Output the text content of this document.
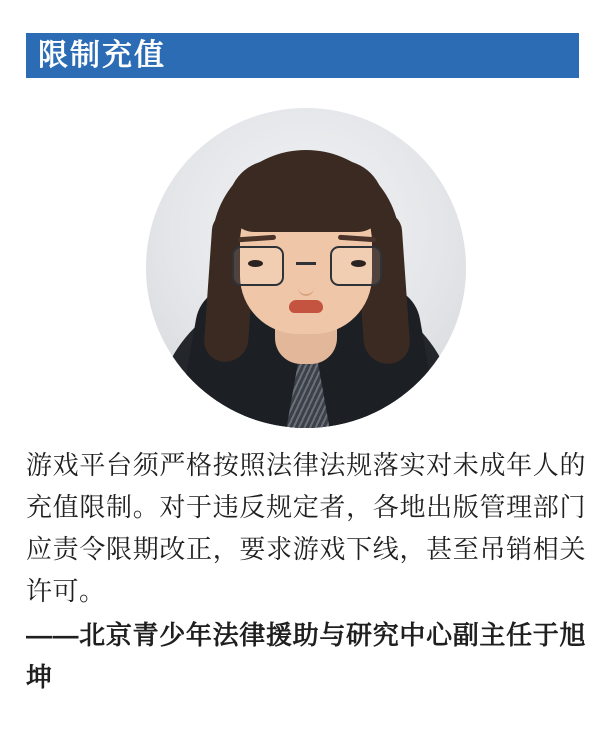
限制充值

游戏平台须严格按照法律法规落实对未成年人的充值限制。对于违反规定者，各地出版管理部门应责令限期改正，要求游戏下线，甚至吊销相关许可。

——北京青少年法律援助与研究中心副主任于旭坤
